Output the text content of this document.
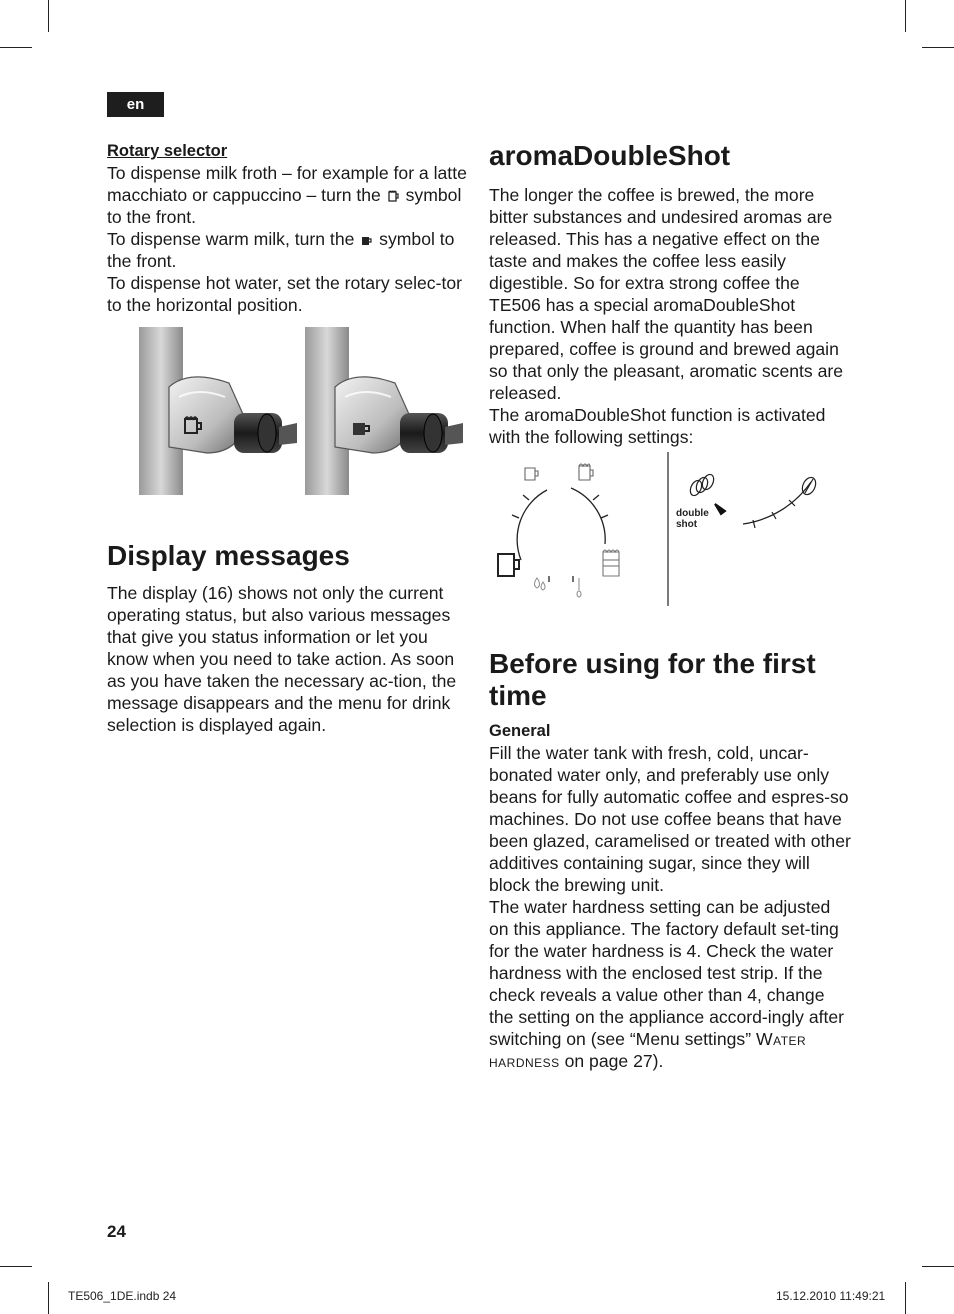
en
Rotary selector

To dispense milk froth – for example for a latte macchiato or cappuccino – turn the symbol to the front.

To dispense warm milk, turn the symbol to the front.

To dispense hot water, set the rotary selec-tor to the horizontal position.

Display messages

The display (16) shows not only the current operating status, but also various messages that give you status information or let you know when you need to take action. As soon as you have taken the necessary ac-tion, the message disappears and the menu for drink selection is displayed again.

aromaDoubleShot

The longer the coffee is brewed, the more bitter substances and undesired aromas are released. This has a negative effect on the taste and makes the coffee less easily digestible. So for extra strong coffee the TE506 has a special aromaDoubleShot function. When half the quantity has been prepared, coffee is ground and brewed again so that only the pleasant, aromatic scents are released.

The aromaDoubleShot function is activated with the following settings:

double
shot
Before using for the first time
General

Fill the water tank with fresh, cold, uncar-bonated water only, and preferably use only beans for fully automatic coffee and espres-so machines. Do not use coffee beans that have been glazed, caramelised or treated with other additives containing sugar, since they will block the brewing unit.

The water hardness setting can be adjusted on this appliance. The factory default set-ting for the water hardness is 4. Check the water hardness with the enclosed test strip. If the check reveals a value other than 4, change the setting on the appliance accord-ingly after switching on (see “Menu settings” Water hardness on page 27).

24
TE506_1DE.indb 24	15.12.2010 11:49:21
